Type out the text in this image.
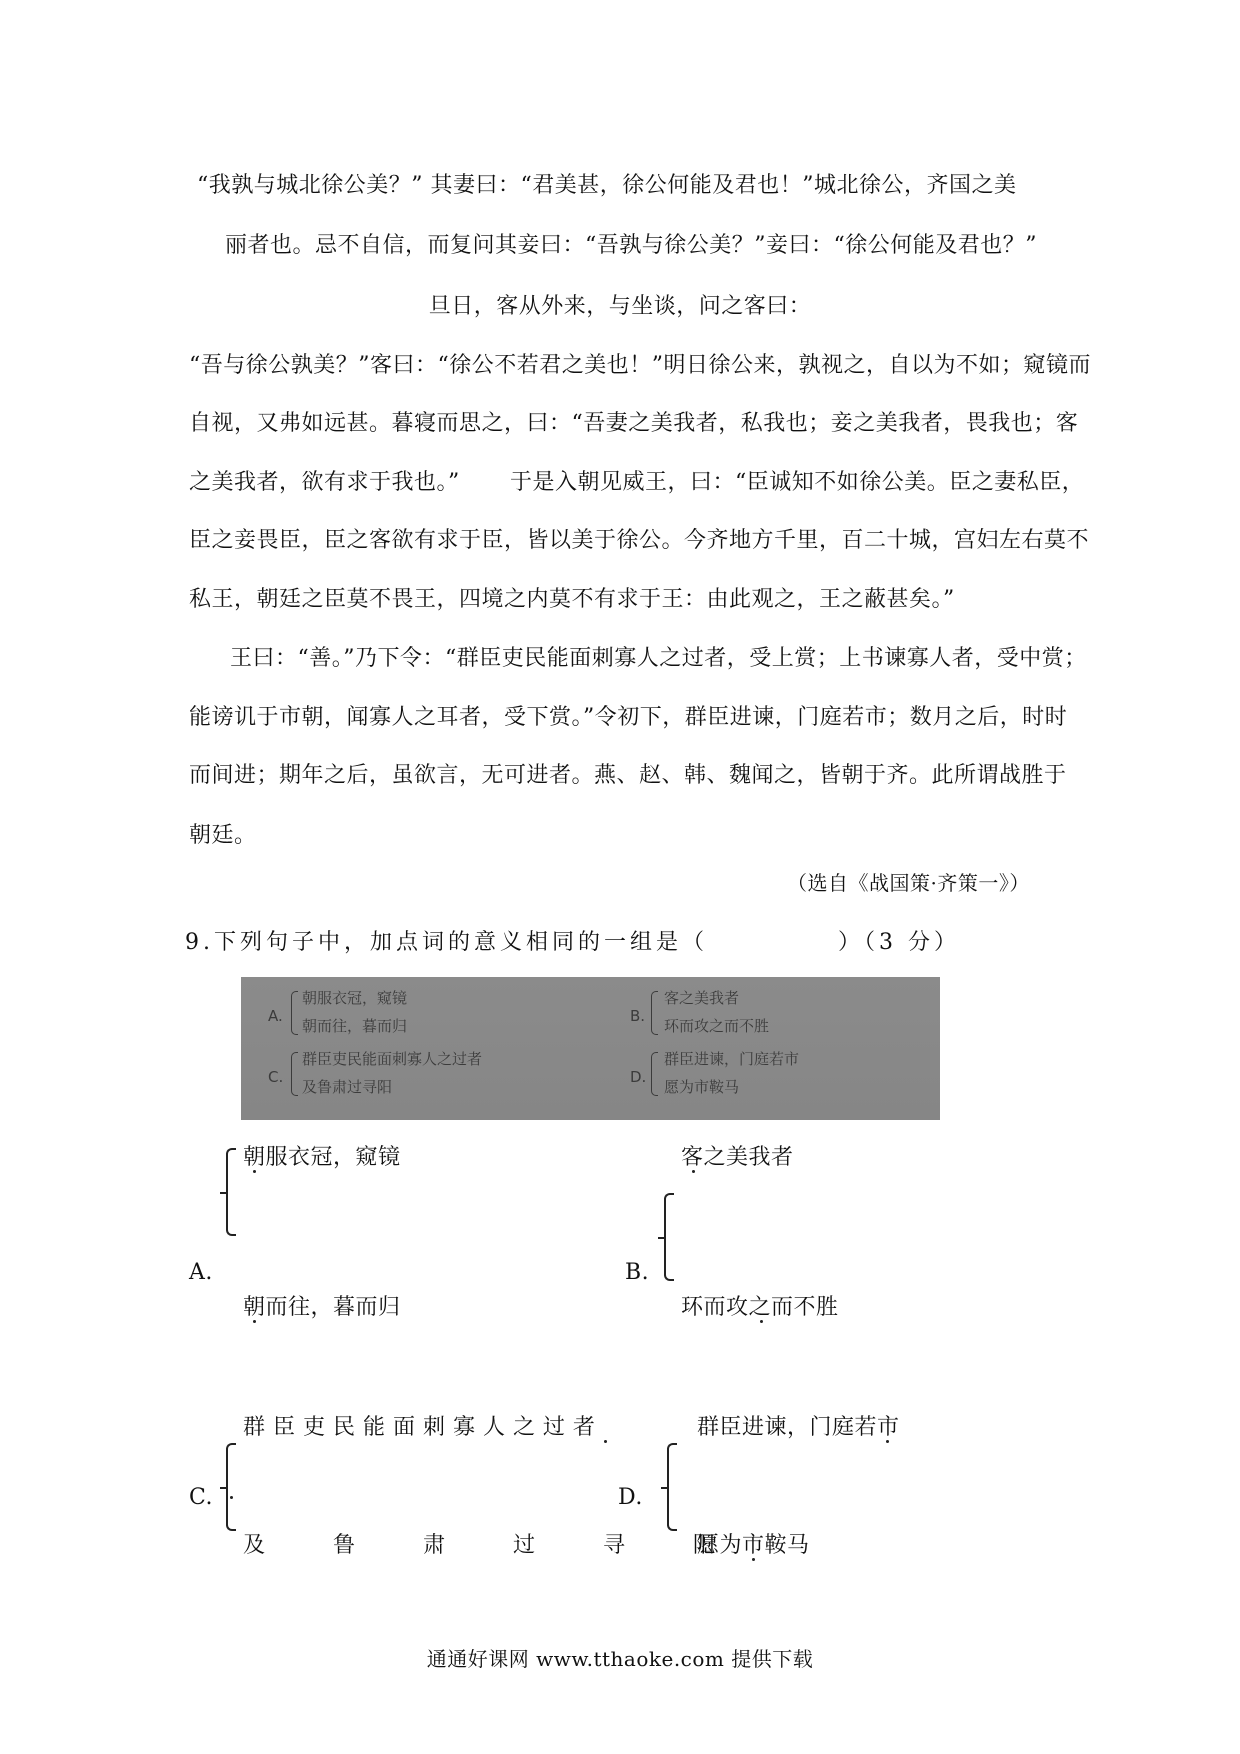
“我孰与城北徐公美？” 其妻曰：“君美甚，徐公何能及君也！”城北徐公，齐国之美
丽者也。忌不自信，而复问其妾曰：“吾孰与徐公美？”妾曰：“徐公何能及君也？”
旦日，客从外来，与坐谈，问之客曰：
“吾与徐公孰美？”客曰：“徐公不若君之美也！”明日徐公来，孰视之，自以为不如；窥镜而
自视，又弗如远甚。暮寝而思之，曰：“吾妻之美我者，私我也；妾之美我者，畏我也；客
之美我者，欲有求于我也。” 于是入朝见威王，曰：“臣诚知不如徐公美。臣之妻私臣，
臣之妾畏臣，臣之客欲有求于臣，皆以美于徐公。今齐地方千里，百二十城，宫妇左右莫不
私王，朝廷之臣莫不畏王，四境之内莫不有求于王：由此观之，王之蔽甚矣。”
王曰：“善。”乃下令：“群臣吏民能面刺寡人之过者，受上赏；上书谏寡人者，受中赏；
能谤讥于市朝，闻寡人之耳者，受下赏。”令初下，群臣进谏，门庭若市；数月之后，时时
而间进；期年之后，虽欲言，无可进者。燕、赵、韩、魏闻之，皆朝于齐。此所谓战胜于
朝廷。
（选自《战国策·齐策一》）
9.下列句子中，加点词的意义相同的一组是（　　　　　）（3 分）
A.
朝服衣冠，窥镜
朝而往，暮而归
B.
客之美我者
环而攻之而不胜
C.
群臣吏民能面刺寡人之过者
及鲁肃过寻阳
D.
群臣进谏，门庭若市
愿为市鞍马
朝服衣冠，窥镜
A.
朝而往，暮而归
客之美我者
B.
环而攻之而不胜
群 臣 吏 民 能 面 刺 寡 人 之 过 者
C.
及　　　鲁　　　肃　　　过　　　寻　　　阳
群臣进谏，门庭若市
D.
愿为市鞍马
通通好课网 www.tthaoke.com 提供下载
